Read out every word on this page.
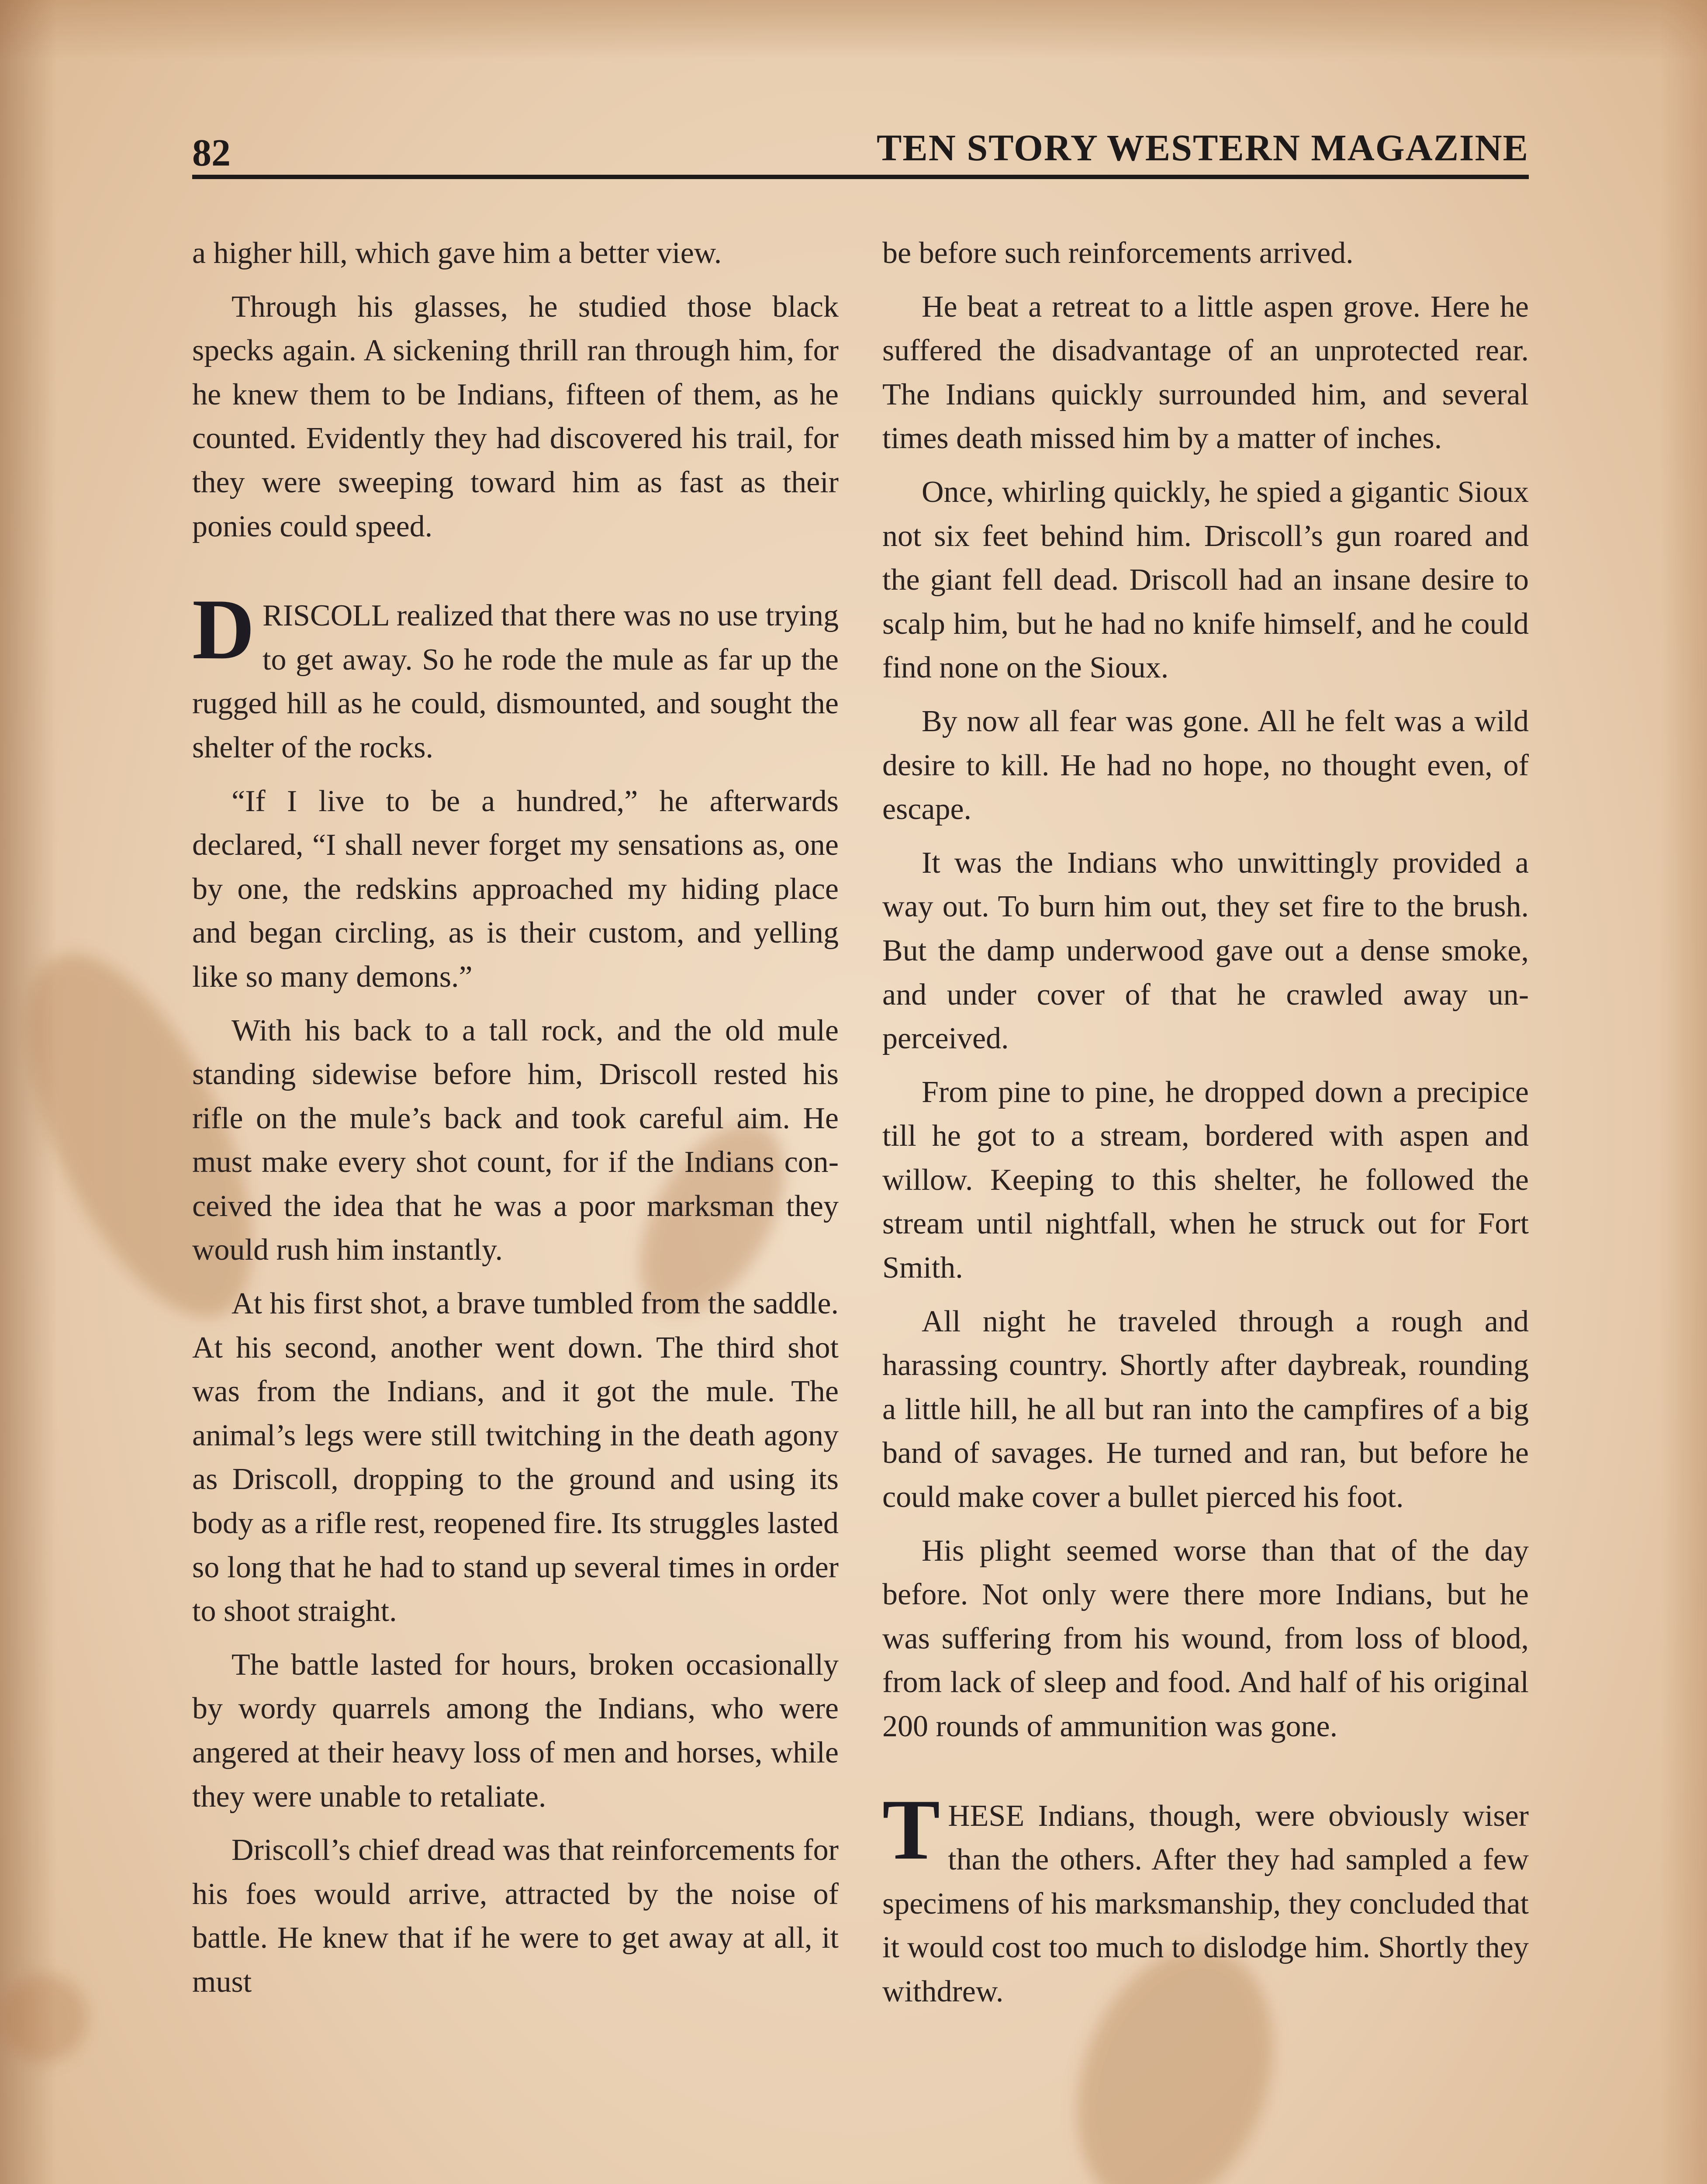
82	TEN STORY WESTERN MAGAZINE

a higher hill, which gave him a better view.

Through his glasses, he studied those black specks again. A sickening thrill ran through him, for he knew them to be Indians, fifteen of them, as he counted. Evidently they had discovered his trail, for they were sweeping toward him as fast as their ponies could speed.

DRISCOLL realized that there was no use trying to get away. So he rode the mule as far up the rugged hill as he could, dismounted, and sought the shelter of the rocks.

“If I live to be a hundred,” he afterwards declared, “I shall never forget my sensations as, one by one, the redskins approached my hiding place and began circling, as is their custom, and yelling like so many demons.”

With his back to a tall rock, and the old mule standing sidewise before him, Driscoll rested his rifle on the mule’s back and took careful aim. He must make every shot count, for if the Indians conceived the idea that he was a poor marksman they would rush him instantly.

At his first shot, a brave tumbled from the saddle. At his second, another went down. The third shot was from the Indians, and it got the mule. The animal’s legs were still twitching in the death agony as Driscoll, dropping to the ground and using its body as a rifle rest, reopened fire. Its struggles lasted so long that he had to stand up several times in order to shoot straight.

The battle lasted for hours, broken occasionally by wordy quarrels among the Indians, who were angered at their heavy loss of men and horses, while they were unable to retaliate.

Driscoll’s chief dread was that reinforcements for his foes would arrive, attracted by the noise of battle. He knew that if he were to get away at all, it must

be before such reinforcements arrived.

He beat a retreat to a little aspen grove. Here he suffered the disadvantage of an unprotected rear. The Indians quickly surrounded him, and several times death missed him by a matter of inches.

Once, whirling quickly, he spied a gigantic Sioux not six feet behind him. Driscoll’s gun roared and the giant fell dead. Driscoll had an insane desire to scalp him, but he had no knife himself, and he could find none on the Sioux.

By now all fear was gone. All he felt was a wild desire to kill. He had no hope, no thought even, of escape.

It was the Indians who unwittingly provided a way out. To burn him out, they set fire to the brush. But the damp underwood gave out a dense smoke, and under cover of that he crawled away unperceived.

From pine to pine, he dropped down a precipice till he got to a stream, bordered with aspen and willow. Keeping to this shelter, he followed the stream until nightfall, when he struck out for Fort Smith.

All night he traveled through a rough and harassing country. Shortly after daybreak, rounding a little hill, he all but ran into the campfires of a big band of savages. He turned and ran, but before he could make cover a bullet pierced his foot.

His plight seemed worse than that of the day before. Not only were there more Indians, but he was suffering from his wound, from loss of blood, from lack of sleep and food. And half of his original 200 rounds of ammunition was gone.

THESE Indians, though, were obviously wiser than the others. After they had sampled a few specimens of his marksmanship, they concluded that it would cost too much to dislodge him. Shortly they withdrew.
